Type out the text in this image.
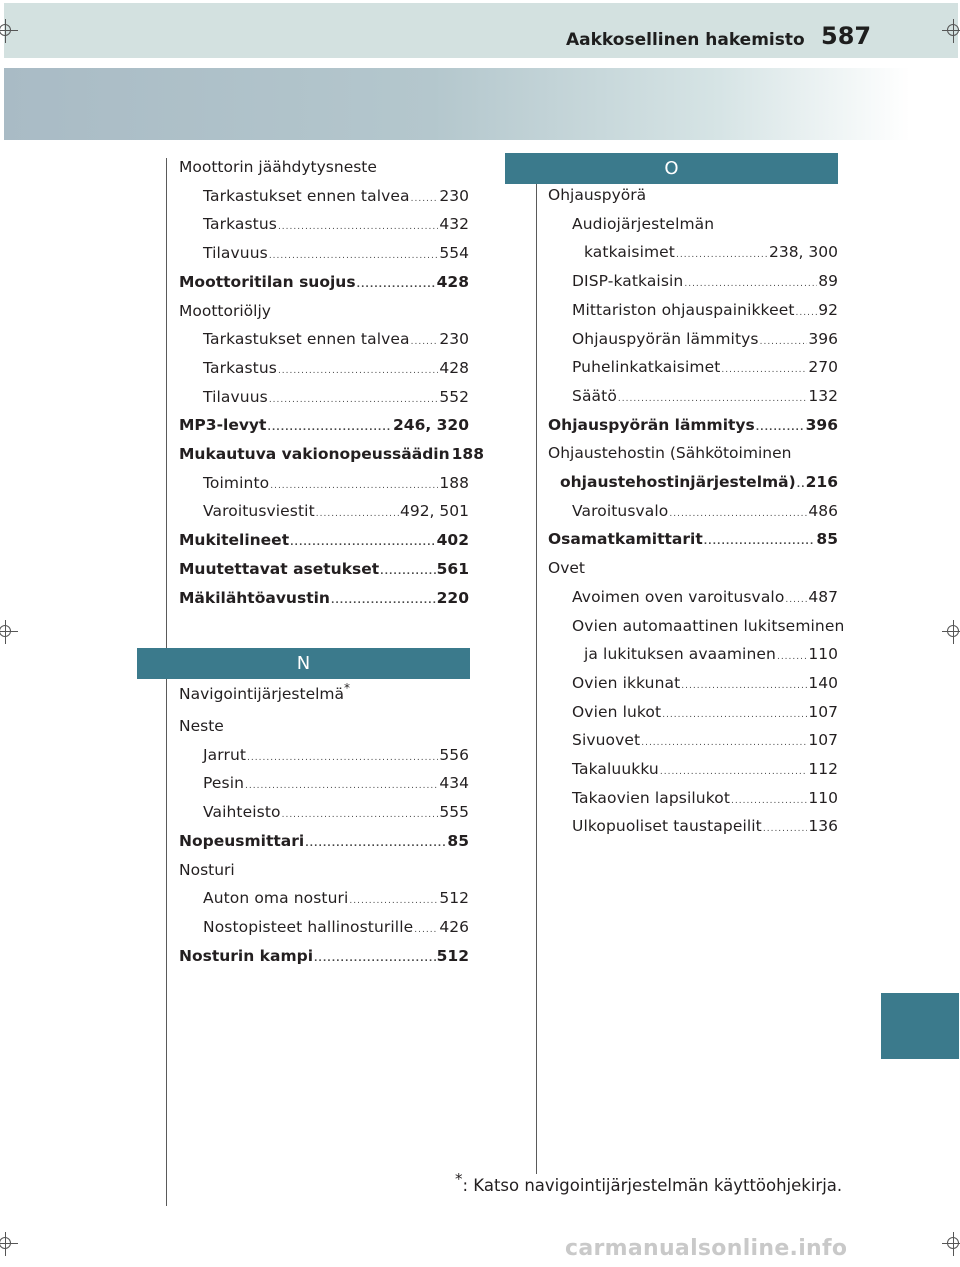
Aakkosellinen hakemisto 587
Moottorin jäähdytysneste
Tarkastukset ennen talvea ..... 230
Tarkastus .....	432
Tilavuus .....	554
Moottoritilan suojus .....	428
Moottoriöljy
Tarkastukset ennen talvea ..... 230
Tarkastus .....	428
Tilavuus .....	552
MP3-levyt .....	246, 320
Mukautuva vakionopeussäädin 188
Toiminto .....	188
Varoitusviestit .....	492, 501
Mukitelineet .....	402
Muutettavat asetukset .....	561
Mäkilähtöavustin .....	220
N
Navigointijärjestelmä*
Neste
Jarrut .....	556
Pesin .....	434
Vaihteisto .....	555
Nopeusmittari .....	85
Nosturi
Auton oma nosturi .....	512
Nostopisteet hallinosturille ..... 426
Nosturin kampi .....	512
O
Ohjauspyörä
Audiojärjestelmän
katkaisimet .....	238, 300
DISP-katkaisin .....	89
Mittariston ohjauspainikkeet ..... 92
Ohjauspyörän lämmitys .....	396
Puhelinkatkaisimet .....	270
Säätö .....	132
Ohjauspyörän lämmitys .....	396
Ohjaustehostin (Sähkötoiminen
ohjaustehostinjärjestelmä) ..... 216
Varoitusvalo .....	486
Osamatkamittarit .....	85
Ovet
Avoimen oven varoitusvalo ..... 487
Ovien automaattinen lukitseminen
ja lukituksen avaaminen ..... 110
Ovien ikkunat .....	140
Ovien lukot .....	107
Sivuovet .....	107
Takaluukku .....	112
Takaovien lapsilukot .....	110
Ulkopuoliset taustapeilit .....	136
*: Katso navigointijärjestelmän käyttöohjekirja.
carmanualsonline.info
